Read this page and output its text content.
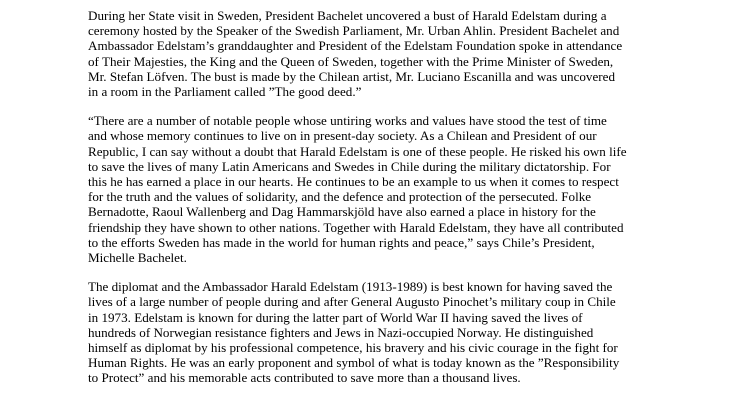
During her State visit in Sweden, President Bachelet uncovered a bust of Harald Edelstam during a
ceremony hosted by the Speaker of the Swedish Parliament, Mr. Urban Ahlin. President Bachelet and
Ambassador Edelstam’s granddaughter and President of the Edelstam Foundation spoke in attendance
of Their Majesties, the King and the Queen of Sweden, together with the Prime Minister of Sweden,
Mr. Stefan Löfven. The bust is made by the Chilean artist, Mr. Luciano Escanilla and was uncovered
in a room in the Parliament called ”The good deed.”

“There are a number of notable people whose untiring works and values have stood the test of time
and whose memory continues to live on in present-day society. As a Chilean and President of our
Republic, I can say without a doubt that Harald Edelstam is one of these people. He risked his own life
to save the lives of many Latin Americans and Swedes in Chile during the military dictatorship. For
this he has earned a place in our hearts. He continues to be an example to us when it comes to respect
for the truth and the values of solidarity, and the defence and protection of the persecuted. Folke
Bernadotte, Raoul Wallenberg and Dag Hammarskjöld have also earned a place in history for the
friendship they have shown to other nations. Together with Harald Edelstam, they have all contributed
to the efforts Sweden has made in the world for human rights and peace,” says Chile’s President,
Michelle Bachelet.

The diplomat and the Ambassador Harald Edelstam (1913-1989) is best known for having saved the
lives of a large number of people during and after General Augusto Pinochet’s military coup in Chile
in 1973. Edelstam is known for during the latter part of World War II having saved the lives of
hundreds of Norwegian resistance fighters and Jews in Nazi-occupied Norway. He distinguished
himself as diplomat by his professional competence, his bravery and his civic courage in the fight for
Human Rights. He was an early proponent and symbol of what is today known as the ”Responsibility
to Protect” and his memorable acts contributed to save more than a thousand lives.
